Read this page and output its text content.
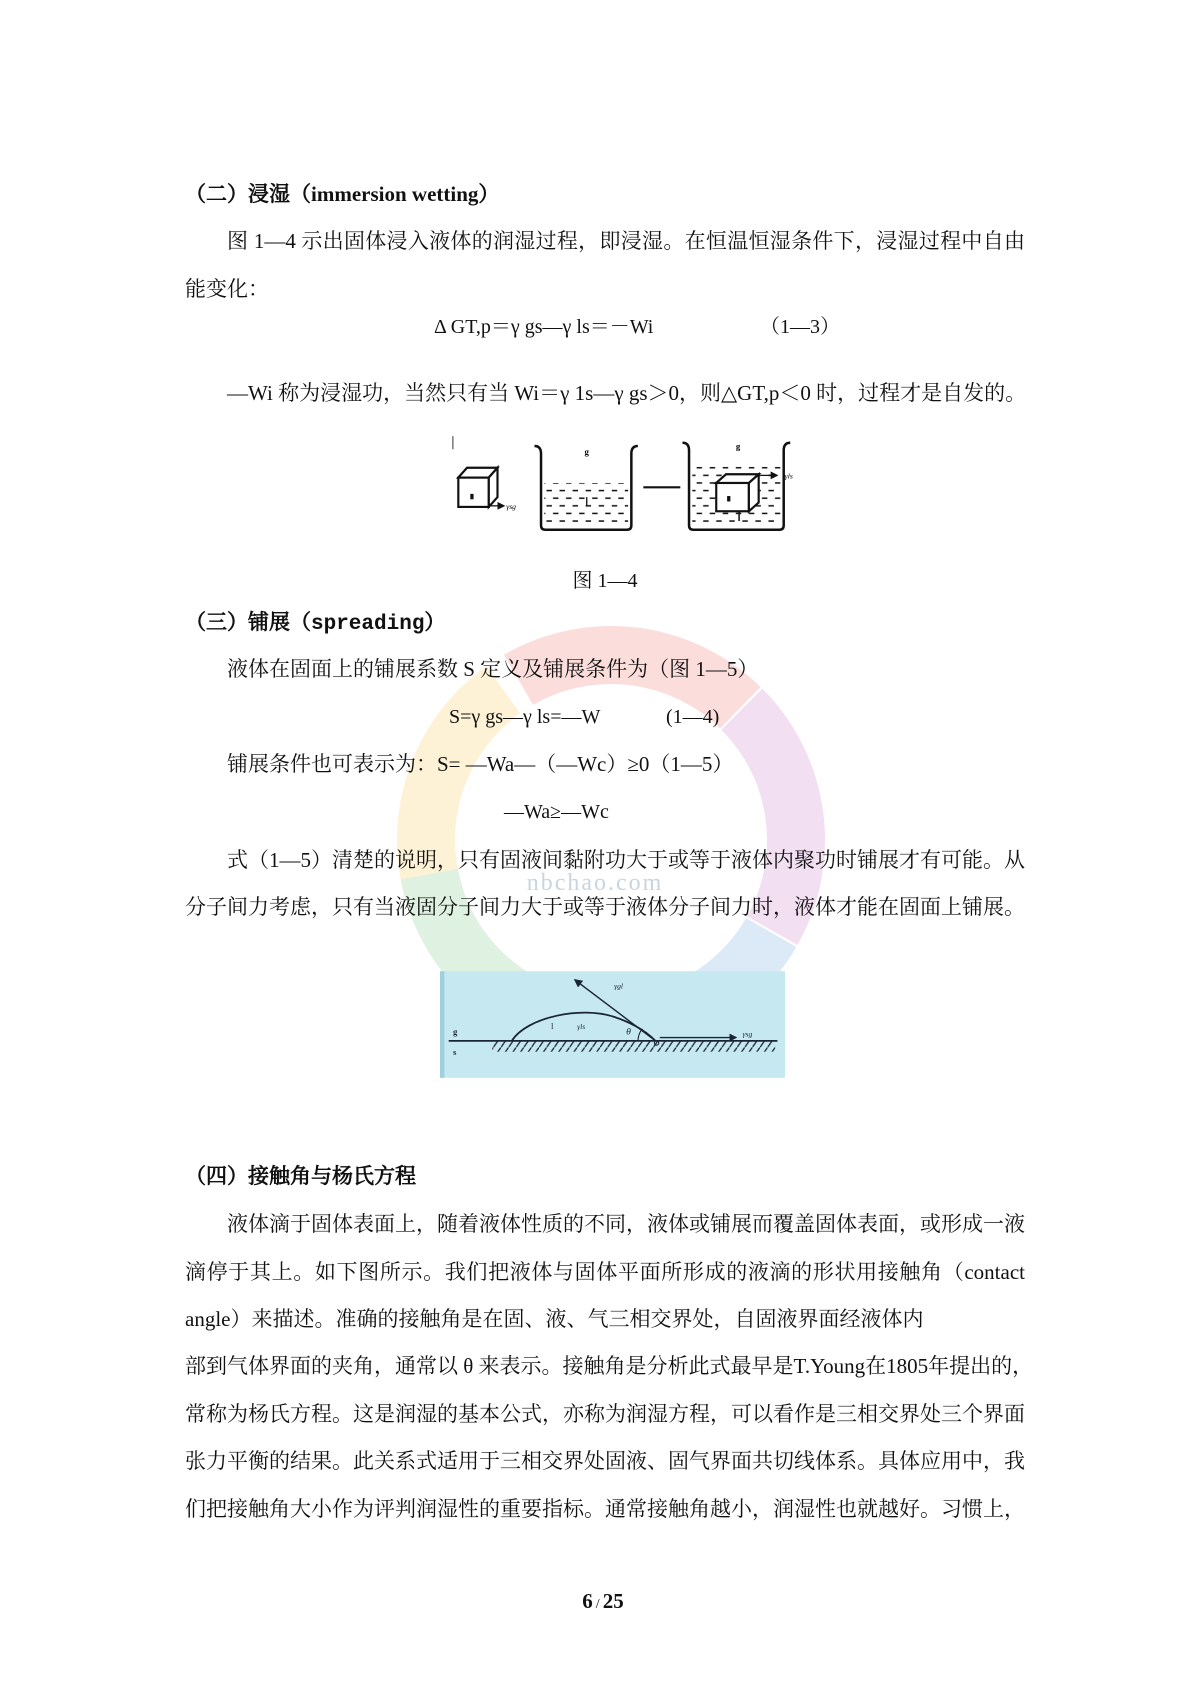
nbchao.com
（二）浸湿（immersion wetting）
图 1—4 示出固体浸入液体的润湿过程，即浸湿。在恒温恒湿条件下，浸湿过程中自由
能变化：
Δ GT,p＝γ gs—γ ls＝－Wi	（1—3）
—Wi 称为浸湿功，当然只有当 Wi＝γ 1s—γ gs＞0，则△GT,p＜0 时，过程才是自发的。
γsg
g
g
γls
图 1—4
（三）铺展（spreading）
液体在固面上的铺展系数 S 定义及铺展条件为（图 1—5）
S=γ gs—γ ls=—W	(1—4)
铺展条件也可表示为：S= —Wa—（—Wc）≥0（1—5）
—Wa≥—Wc
式（1—5）清楚的说明，只有固液间黏附功大于或等于液体内聚功时铺展才有可能。从
分子间力考虑，只有当液固分子间力大于或等于液体分子间力时，液体才能在固面上铺展。
g
s
l	γls
γgl
θ	γsg
（四）接触角与杨氏方程
液体滴于固体表面上，随着液体性质的不同，液体或铺展而覆盖固体表面，或形成一液
滴停于其上。如下图所示。我们把液体与固体平面所形成的液滴的形状用接触角（contact
angle）来描述。准确的接触角是在固、液、气三相交界处，自固液界面经液体内
部到气体界面的夹角，通常以 θ 来表示。接触角是分析此式最早是T.Young在1805年提出的，
常称为杨氏方程。这是润湿的基本公式，亦称为润湿方程，可以看作是三相交界处三个界面
张力平衡的结果。此关系式适用于三相交界处固液、固气界面共切线体系。具体应用中，我
们把接触角大小作为评判润湿性的重要指标。通常接触角越小，润湿性也就越好。习惯上，
6 / 25
